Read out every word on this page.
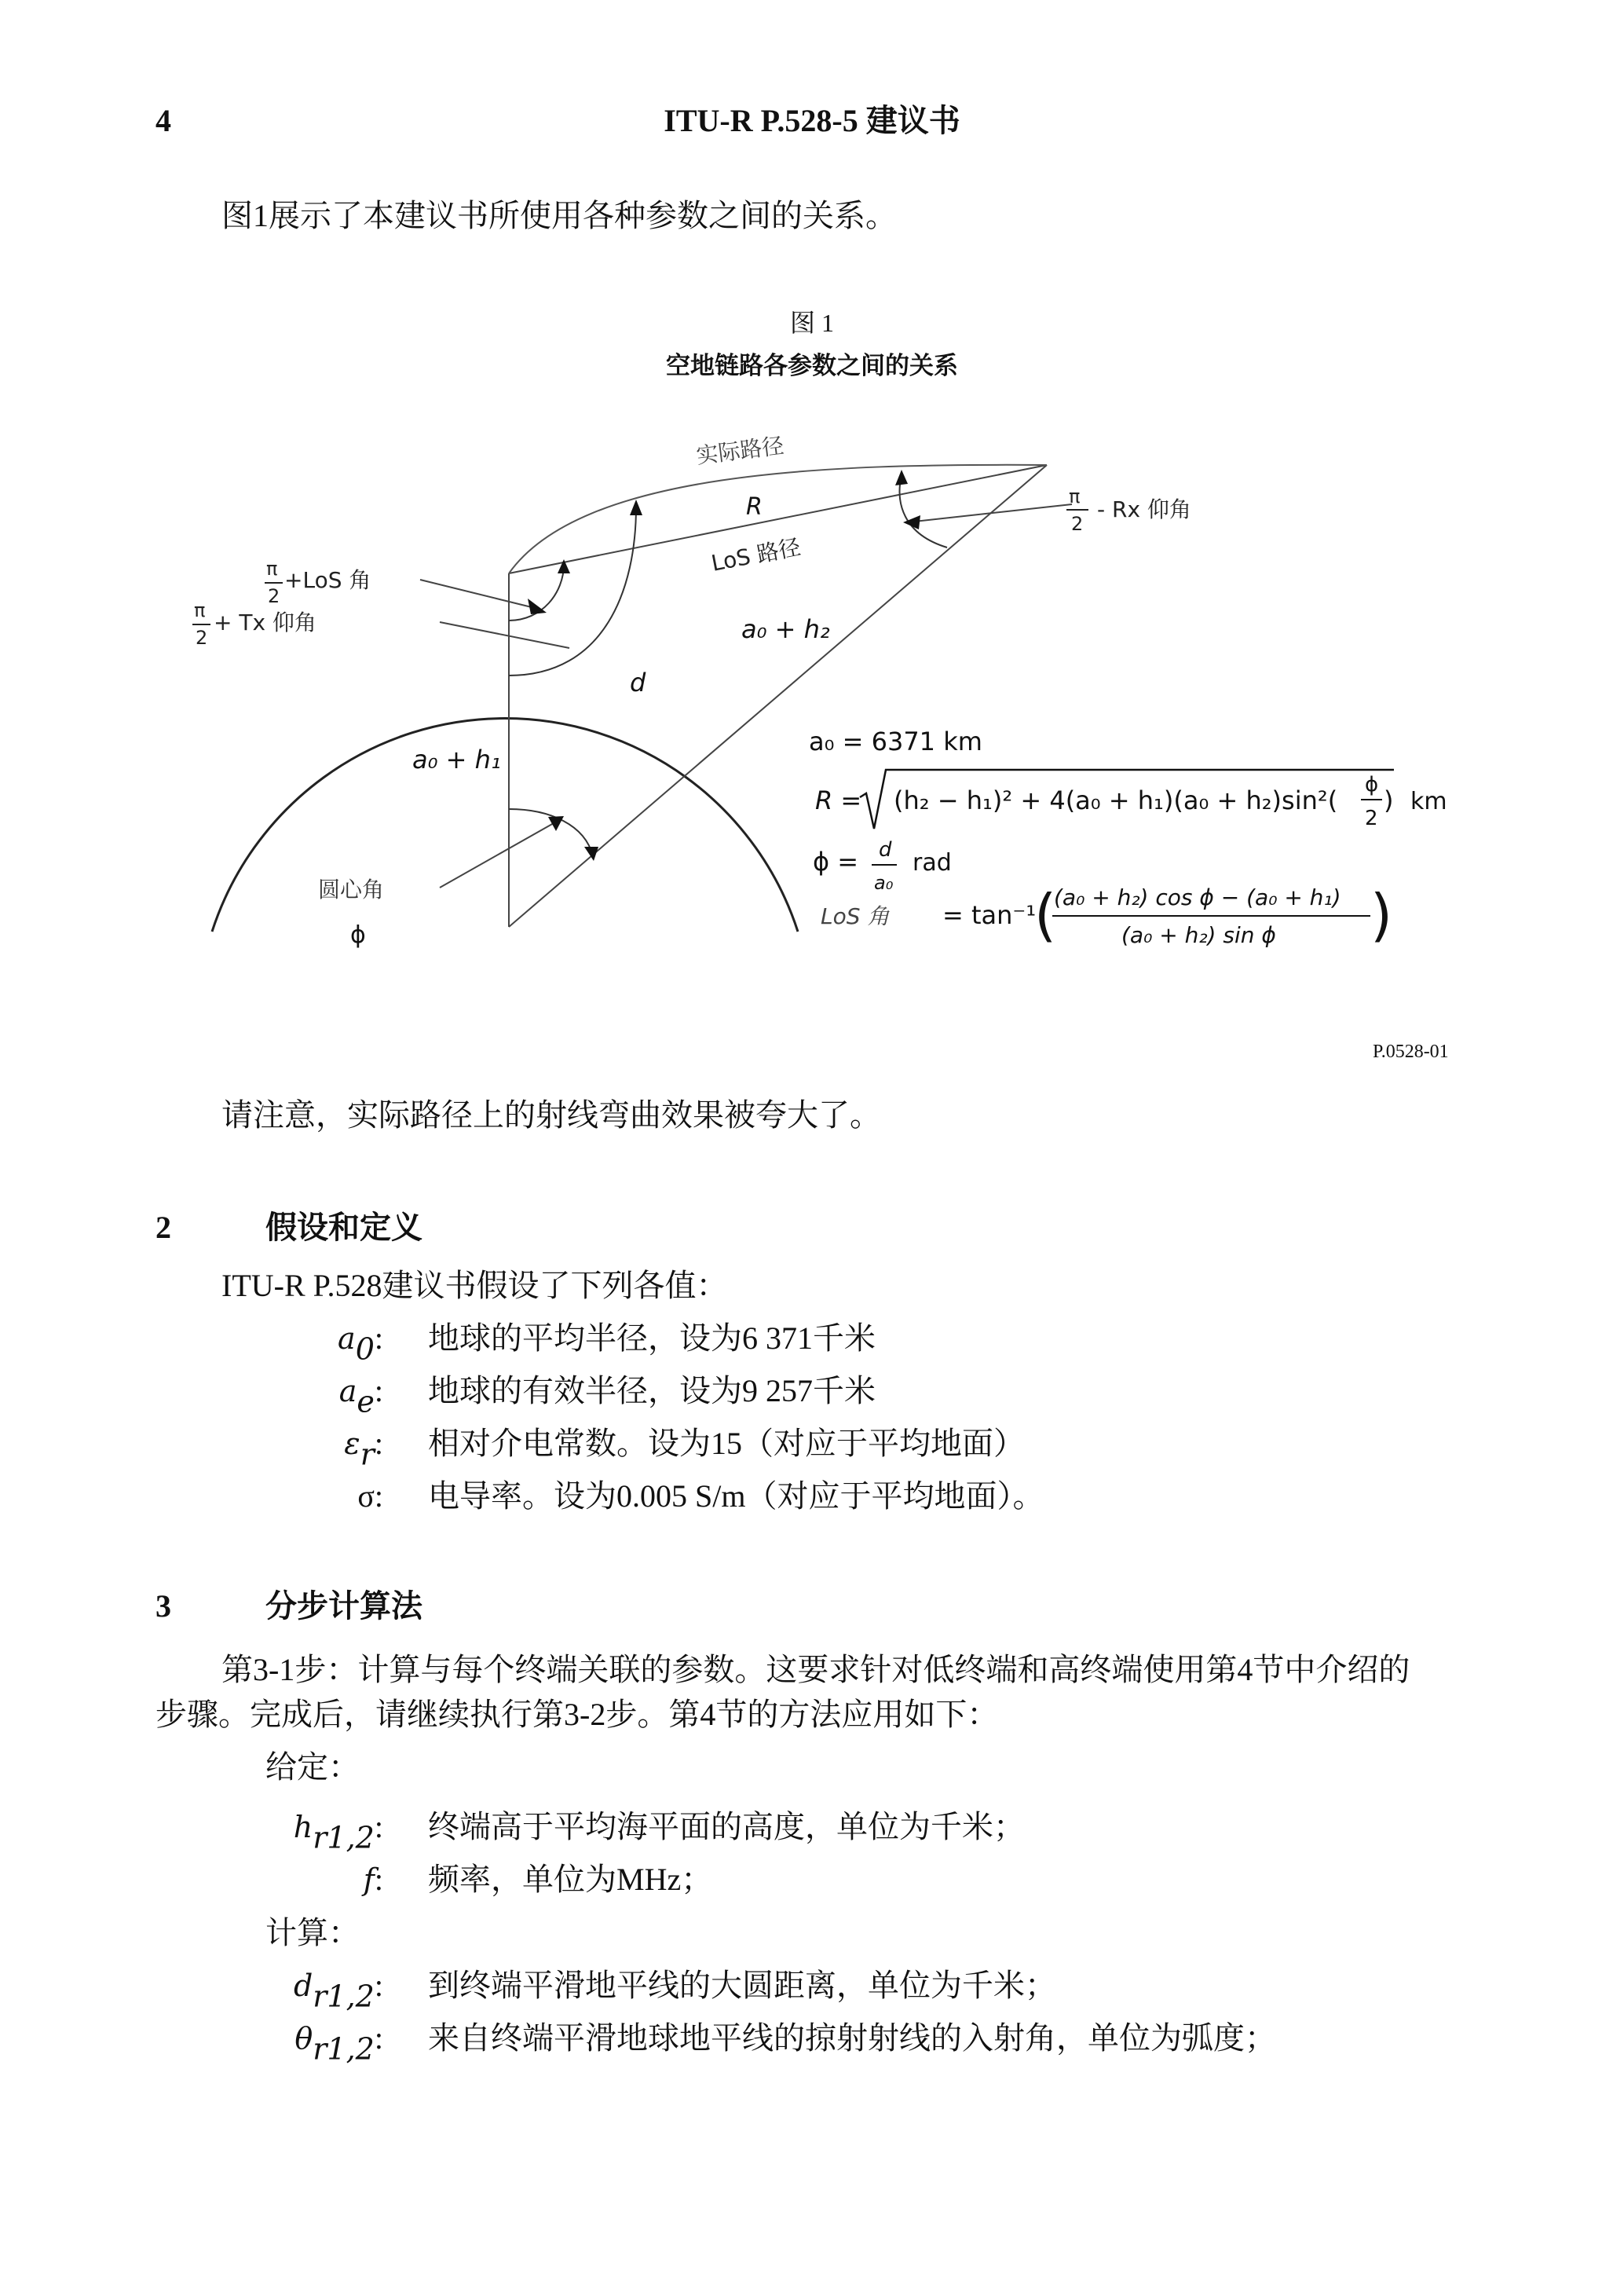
4	ITU-R P.528-5 建议书
图1展示了本建议书所使用各种参数之间的关系。
图 1
空地链路各参数之间的关系
实际路径
R
LoS 路径
π
2
- Rx 仰角
π
2
+LoS 角
π
2
+ Tx 仰角	a₀ + h₂
a₀ + h₁
d
圆心角
ϕ
a₀ = 6371 km
R = (h₂ − h₁)² + 4(a₀ + h₁)(a₀ + h₂)sin²(
ϕ
2
) km
ϕ = d
a₀
rad
LoS 角 = tan⁻¹
(
(a₀ + h₂) cos ϕ − (a₀ + h₁)
(a₀ + h₂) sin ϕ )
P.0528-01
请注意，实际路径上的射线弯曲效果被夸大了。
2	假设和定义
ITU-R P.528建议书假设了下列各值：
$a_0$: 地球的平均半径，设为6 371千米
$a_e$: 地球的有效半径，设为9 257千米
$\varepsilon_r$: 相对介电常数。设为15（对应于平均地面）
σ: 电导率。设为0.005 S/m（对应于平均地面）。
3	分步计算法
第3-1步：计算与每个终端关联的参数。这要求针对低终端和高终端使用第4节中介绍的
步骤。完成后，请继续执行第3-2步。第4节的方法应用如下：
给定：
$h_{r1,2}$: 终端高于平均海平面的高度，单位为千米；
f: 频率，单位为MHz；
计算：
$d_{r1,2}$: 到终端平滑地平线的大圆距离，单位为千米；
$\theta_{r1,2}$: 来自终端平滑地球地平线的掠射射线的入射角，单位为弧度；
